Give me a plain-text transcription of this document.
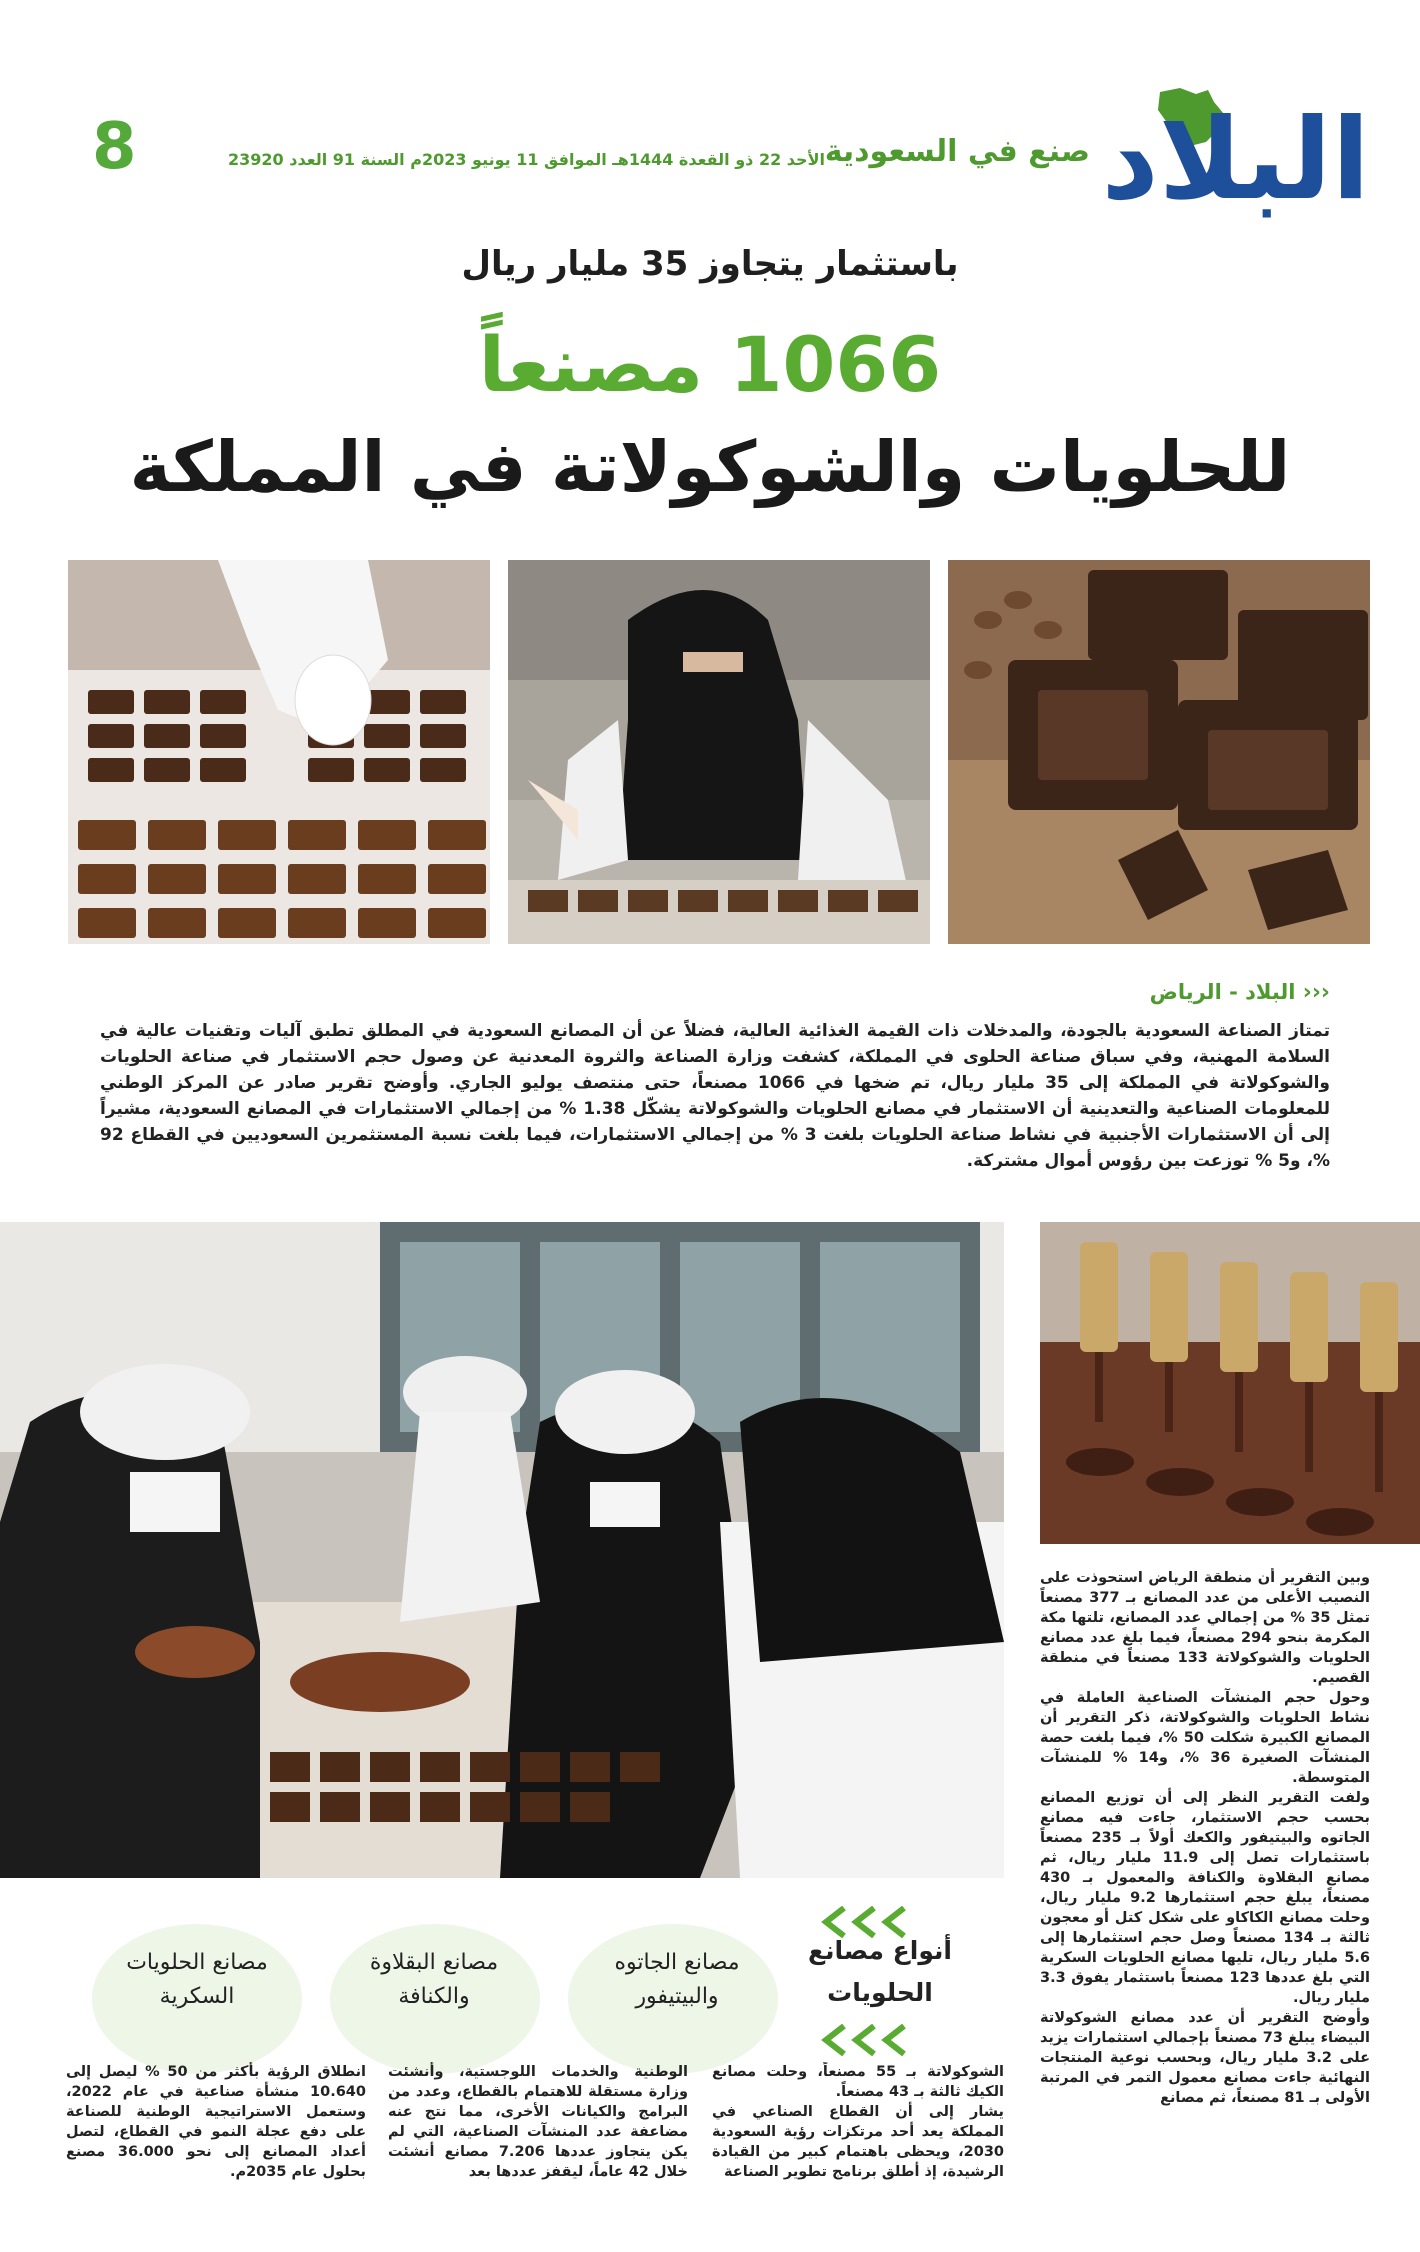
8	الأحد 22 ذو القعدة 1444هـ الموافق 11 يونيو 2023م السنة 91 العدد 23920 صنع في السعودية البلاد
باستثمار يتجاوز 35 مليار ريال
1066 مصنعاً
للحلويات والشوكولاتة في المملكة
‹‹‹ البلاد - الرياض
تمتاز الصناعة السعودية بالجودة، والمدخلات ذات القيمة الغذائية العالية، فضلاً عن أن المصانع السعودية في المطلق تطبق آليات وتقنيات عالية في السلامة المهنية، وفي سباق صناعة الحلوى في المملكة، كشفت وزارة الصناعة والثروة المعدنية عن وصول حجم الاستثمار في صناعة الحلويات والشوكولاتة في المملكة إلى 35 مليار ريال، تم ضخها في 1066 مصنعاً، حتى منتصف يوليو الجاري. وأوضح تقرير صادر عن المركز الوطني للمعلومات الصناعية والتعدينية أن الاستثمار في مصانع الحلويات والشوكولاتة يشكّل 1.38 % من إجمالي الاستثمارات في المصانع السعودية، مشيراً إلى أن الاستثمارات الأجنبية في نشاط صناعة الحلويات بلغت 3 % من إجمالي الاستثمارات، فيما بلغت نسبة المستثمرين السعوديين في القطاع 92 %، و5 % توزعت بين رؤوس أموال مشتركة.
وبين التقرير أن منطقة الرياض استحوذت على النصيب الأعلى من عدد المصانع بـ 377 مصنعاً تمثل 35 % من إجمالي عدد المصانع، تلتها مكة المكرمة بنحو 294 مصنعاً، فيما بلغ عدد مصانع الحلويات والشوكولاتة 133 مصنعاً في منطقة القصيم.
وحول حجم المنشآت الصناعية العاملة في نشاط الحلويات والشوكولاتة، ذكر التقرير أن المصانع الكبيرة شكلت 50 %، فيما بلغت حصة المنشآت الصغيرة 36 %، و14 % للمنشآت المتوسطة.
ولفت التقرير النظر إلى أن توزيع المصانع بحسب حجم الاستثمار، جاءت فيه مصانع الجاتوه والبيتيفور والكعك أولاً بـ 235 مصنعاً باستثمارات تصل إلى 11.9 مليار ريال، ثم مصانع البقلاوة والكنافة والمعمول بـ 430 مصنعاً، يبلغ حجم استثمارها 9.2 مليار ريال، وحلت مصانع الكاكاو على شكل كتل أو معجون ثالثة بـ 134 مصنعاً وصل حجم استثمارها إلى 5.6 مليار ريال، تليها مصانع الحلويات السكرية التي بلغ عددها 123 مصنعاً باستثمار يفوق 3.3 مليار ريال.
وأوضح التقرير أن عدد مصانع الشوكولاتة البيضاء يبلغ 73 مصنعاً بإجمالي استثمارات يزيد على 3.2 مليار ريال، وبحسب نوعية المنتجات النهائية جاءت مصانع معمول التمر في المرتبة الأولى بـ 81 مصنعاً، ثم مصانع
أنواع مصانع الحلويات
مصانع الجاتوه والبيتيفور
مصانع البقلاوة والكنافة
مصانع الحلويات السكرية
الشوكولاتة بـ 55 مصنعاً، وحلت مصانع الكيك ثالثة بـ 43 مصنعاً.
يشار إلى أن القطاع الصناعي في المملكة يعد أحد مرتكزات رؤية السعودية 2030، ويحظى باهتمام كبير من القيادة الرشيدة، إذ أطلق برنامج تطوير الصناعة
الوطنية والخدمات اللوجستية، وأنشئت وزارة مستقلة للاهتمام بالقطاع، وعدد من البرامج والكيانات الأخرى، مما نتج عنه مضاعفة عدد المنشآت الصناعية، التي لم يكن يتجاوز عددها 7.206 مصانع أنشئت خلال 42 عاماً، ليقفز عددها بعد
انطلاق الرؤية بأكثر من 50 % ليصل إلى 10.640 منشأة صناعية في عام 2022، وستعمل الاستراتيجية الوطنية للصناعة على دفع عجلة النمو في القطاع، لتصل أعداد المصانع إلى نحو 36.000 مصنع بحلول عام 2035م.
